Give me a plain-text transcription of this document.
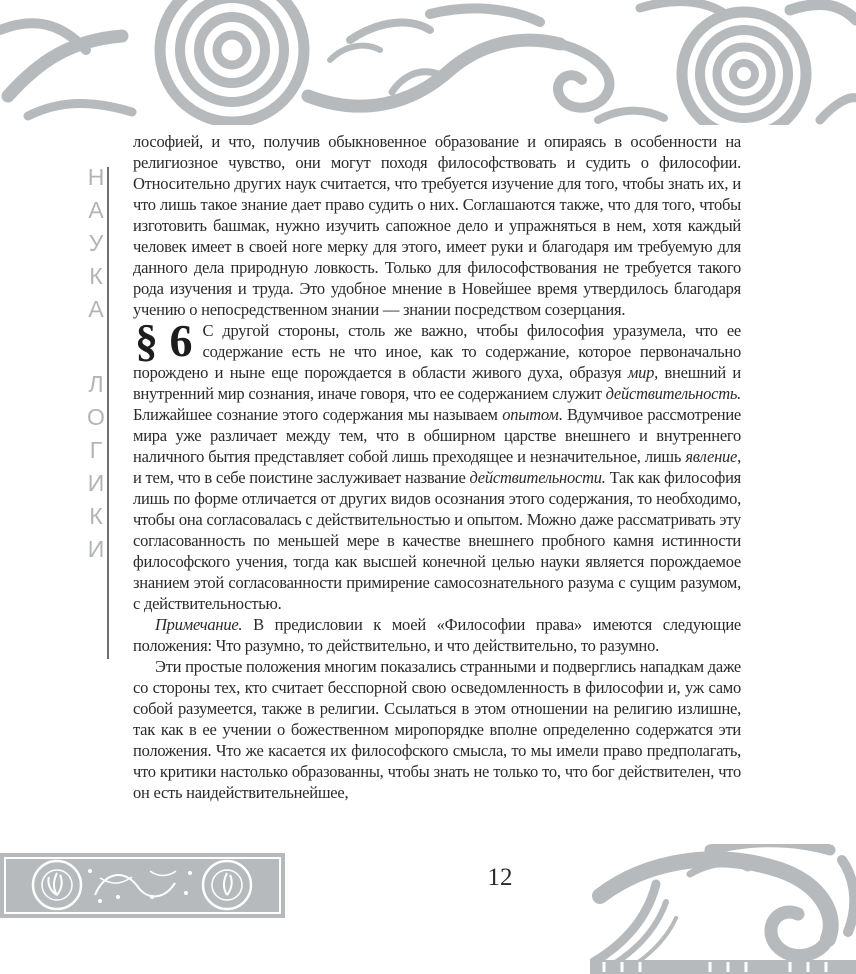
Н
А
У
К
А
Л
О
Г
И
К
И

лософией, и что, получив обыкновенное образование и опираясь в особенности на религиозное чувство, они могут походя философствовать и судить о философии. Относительно других наук считается, что требуется изучение для того, чтобы знать их, и что лишь такое знание дает право судить о них. Соглашаются также, что для того, чтобы изготовить башмак, нужно изучить сапожное дело и упражняться в нем, хотя каждый человек имеет в своей ноге мерку для этого, имеет руки и благодаря им требуемую для данного дела природную ловкость. Только для философствования не требуется такого рода изучения и труда. Это удобное мнение в Новейшее время утвердилось благодаря учению о непосредственном знании — знании посредством созерцания.

§ 6 С другой стороны, столь же важно, чтобы философия уразумела, что ее содержание есть не что иное, как то содержание, которое первоначально порождено и ныне еще порождается в области живого духа, образуя мир, внешний и внутренний мир сознания, иначе говоря, что ее содержанием служит действительность. Ближайшее сознание этого содержания мы называем опытом. Вдумчивое рассмотрение мира уже различает между тем, что в обширном царстве внешнего и внутреннего наличного бытия представляет собой лишь преходящее и незначительное, лишь явление, и тем, что в себе поистине заслуживает название действительности. Так как философия лишь по форме отличается от других видов осознания этого содержания, то необходимо, чтобы она согласовалась с действительностью и опытом. Можно даже рассматривать эту согласованность по меньшей мере в качестве внешнего пробного камня истинности философского учения, тогда как высшей конечной целью науки является порождаемое знанием этой согласованности примирение самосознательного разума с сущим разумом, с действительностью.

Примечание. В предисловии к моей «Философии права» имеются следующие положения: Что разумно, то действительно, и что действительно, то разумно.

Эти простые положения многим показались странными и подверглись нападкам даже со стороны тех, кто считает бесспорной свою осведомленность в философии и, уж само собой разумеется, также в религии. Ссылаться в этом отношении на религию излишне, так как в ее учении о божественном миропорядке вполне определенно содержатся эти положения. Что же касается их философского смысла, то мы имели право предполагать, что критики настолько образованны, чтобы знать не только то, что бог действителен, что он есть наидействительнейшее,

12
